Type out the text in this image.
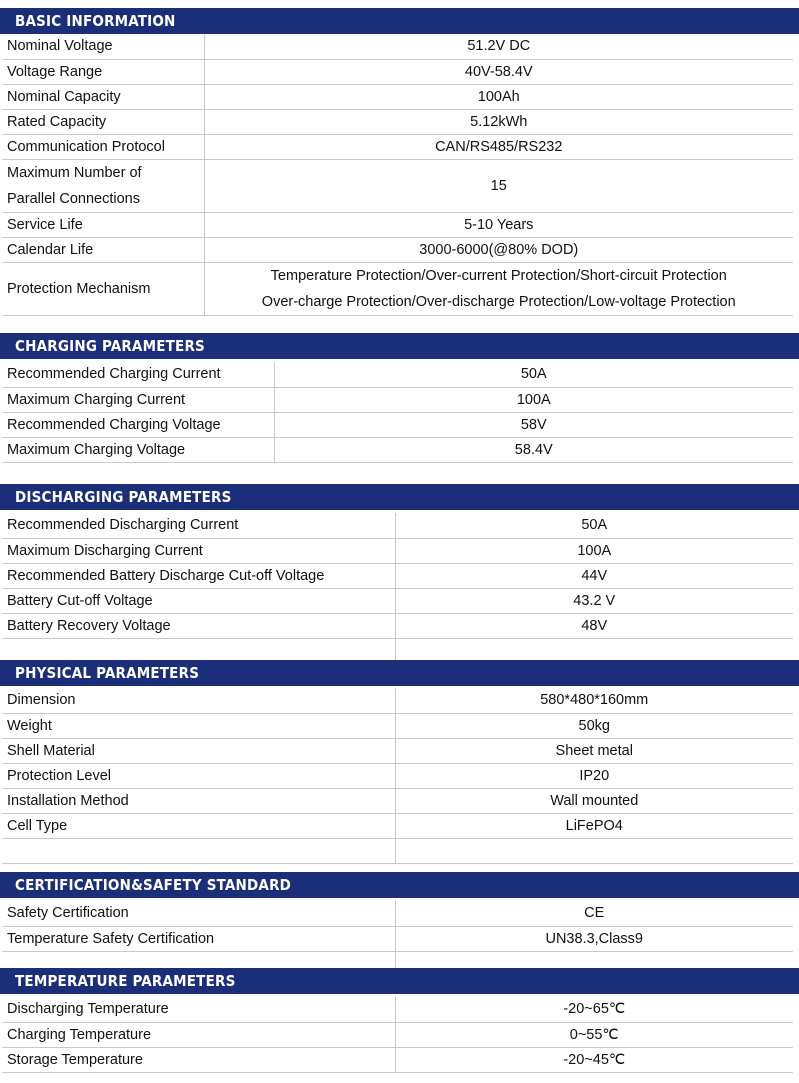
BASIC INFORMATION
Nominal Voltage	51.2V DC
Voltage Range	40V-58.4V
Nominal Capacity	100Ah
Rated Capacity	5.12kWh
Communication Protocol	CAN/RS485/RS232

Maximum Number of
Parallel Connections	15
Service Life	5-10 Years
Calendar Life	3000-6000(@80% DOD)
Protection Mechanism	Temperature Protection/Over-current Protection/Short-circuit Protection
Over-charge Protection/Over-discharge Protection/Low-voltage Protection
CHARGING PARAMETERS
Recommended Charging Current	50A
Maximum Charging Current	100A
Recommended Charging Voltage	58V
Maximum Charging Voltage	58.4V
DISCHARGING PARAMETERS
Recommended Discharging Current	50A
Maximum Discharging Current	100A
Recommended Battery Discharge Cut-off Voltage	44V
Battery Cut-off Voltage	43.2 V
Battery Recovery Voltage	48V

PHYSICAL PARAMETERS
Dimension	580*480*160mm
Weight	50kg
Shell Material	Sheet metal
Protection Level	IP20
Installation Method	Wall mounted
Cell Type	LiFePO4

CERTIFICATION&SAFETY STANDARD
Safety Certification	CE
Temperature Safety Certification	UN38.3,Class9

TEMPERATURE PARAMETERS
Discharging Temperature	-20~65℃
Charging Temperature	0~55℃
Storage Temperature	-20~45℃
